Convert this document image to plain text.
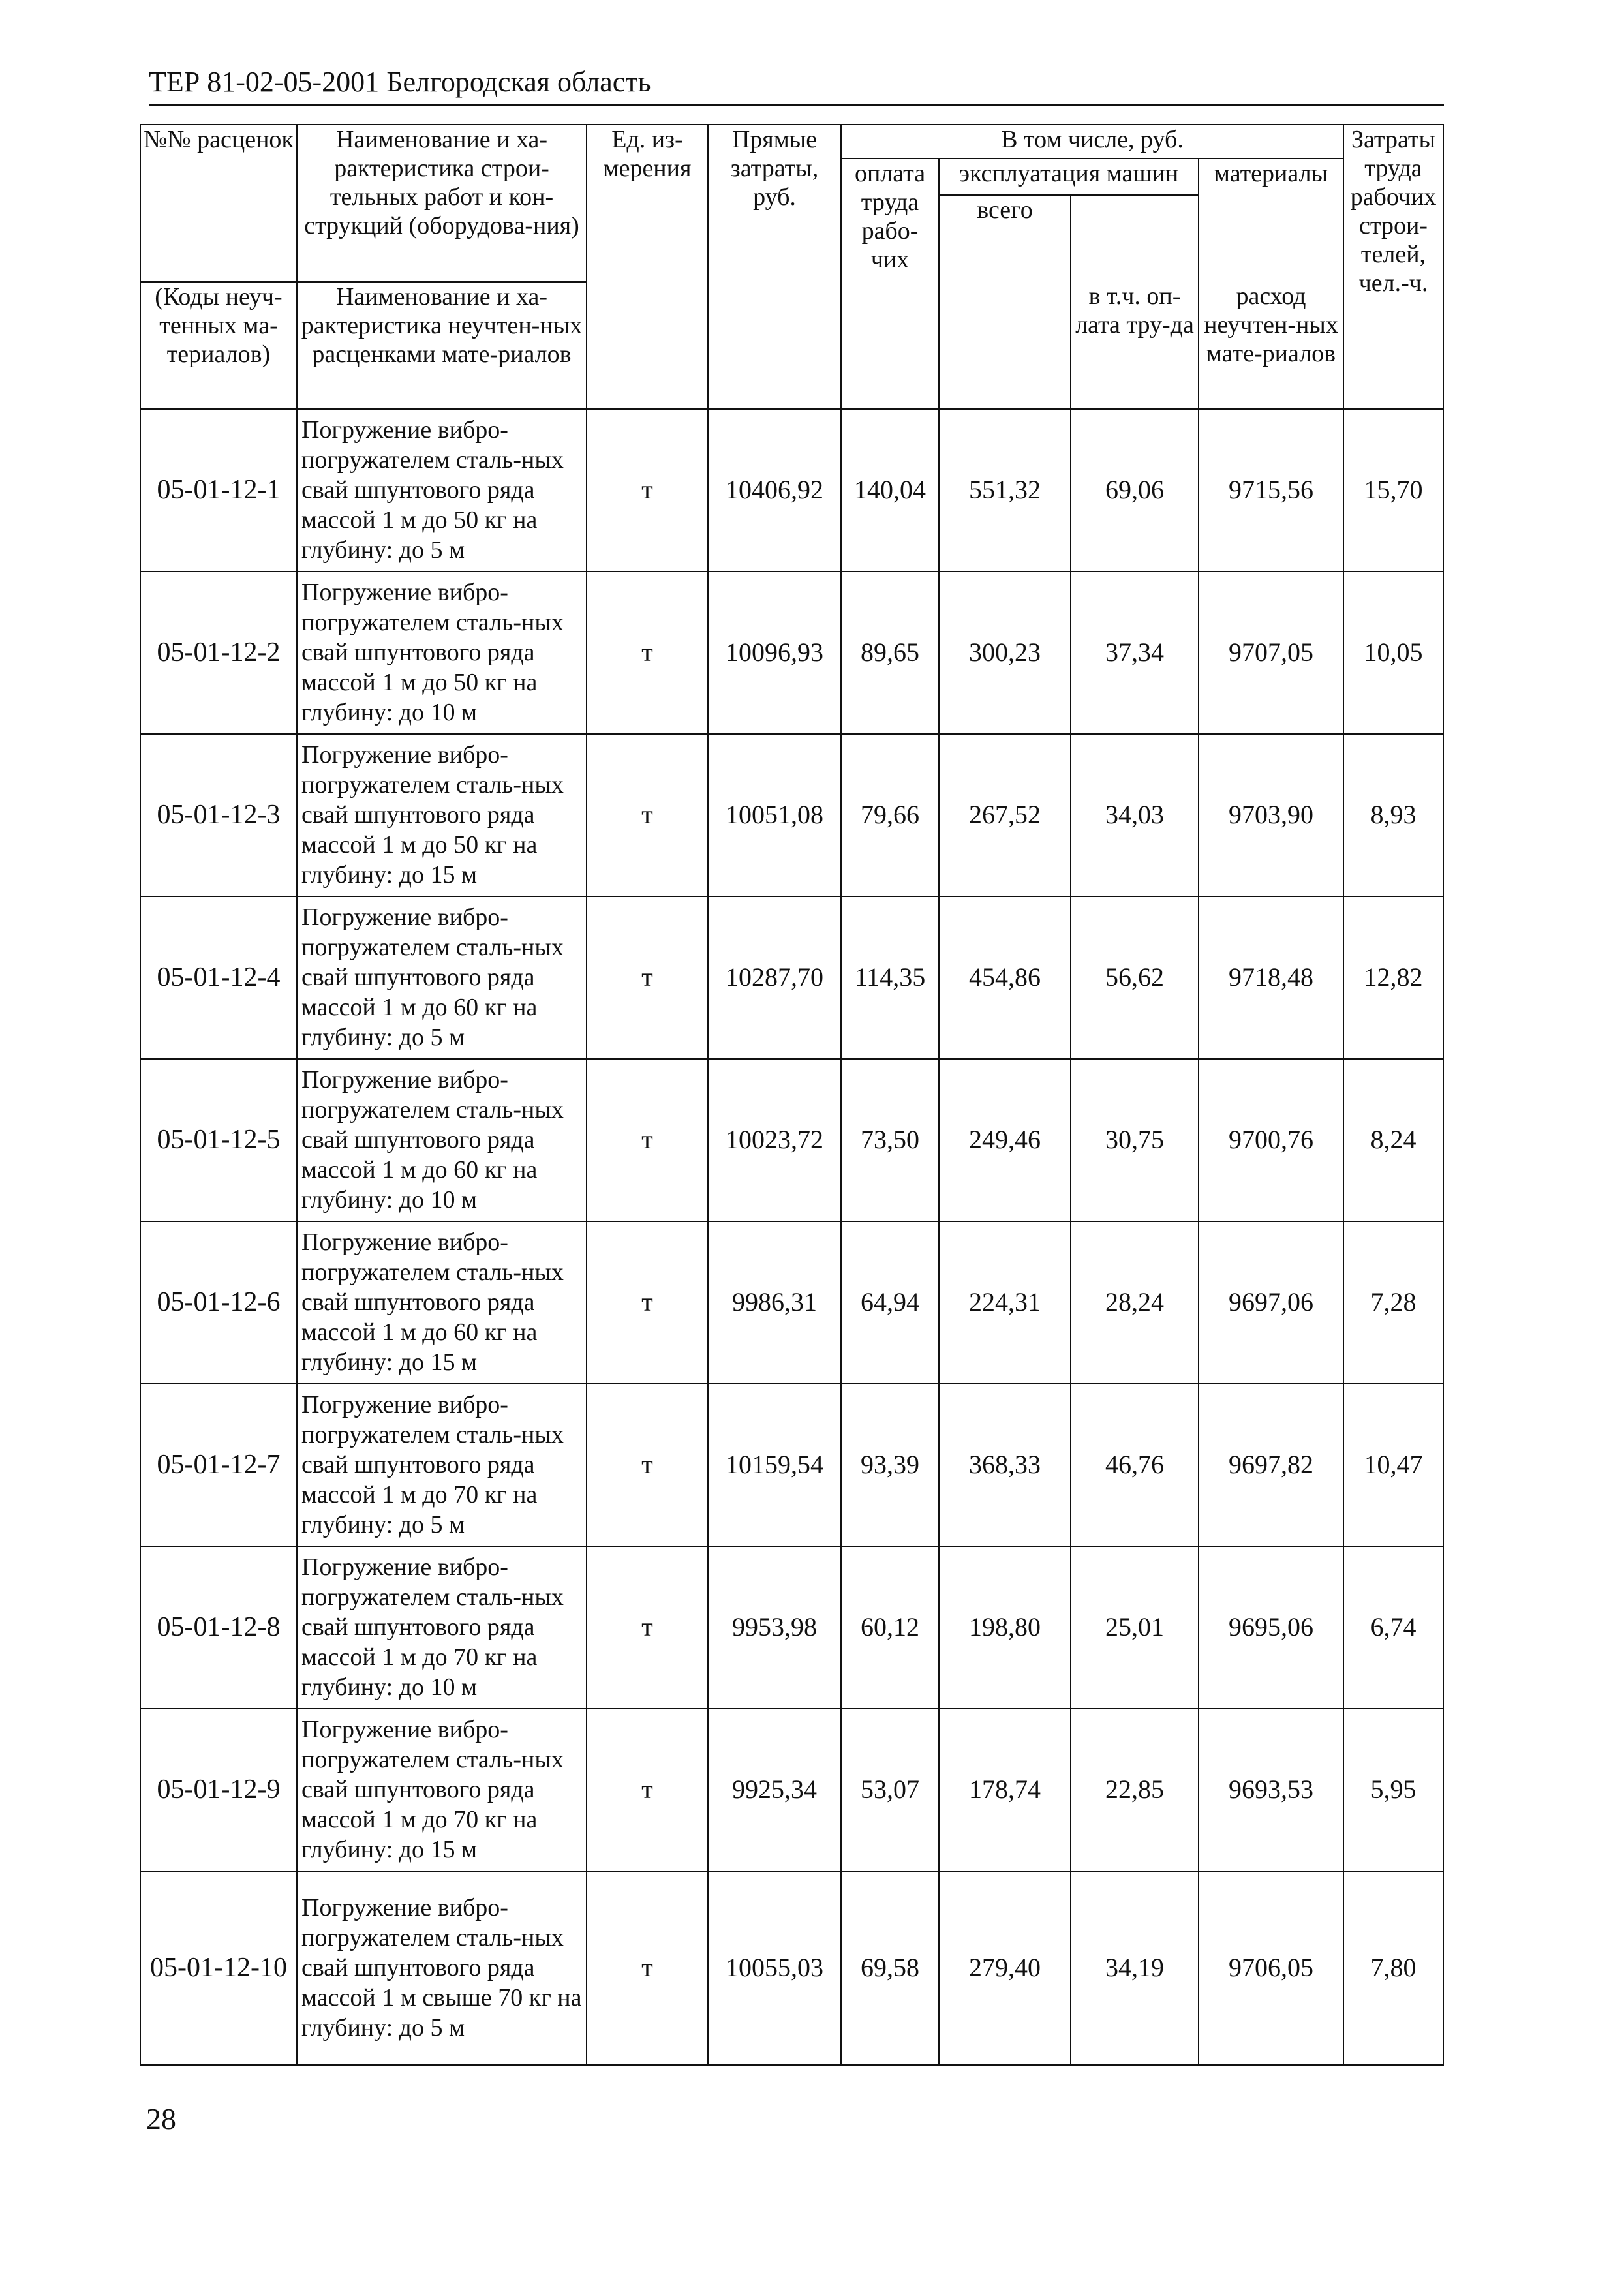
ТЕР 81-02-05-2001 Белгородская область
№№ расценок	Наименование и ха-рактеристика строи-тельных работ и кон-струкций (оборудова-ния)	Ед. из-мерения	Прямые затраты, руб.	В том числе, руб.				Затраты труда рабочих строи-телей, чел.-ч.
				оплата труда рабо-чих	эксплуатация машин		материалы	
					всего			
(Коды неуч-тенных ма-териалов)	Наименование и ха-рактеристика неучтен-ных расценками мате-риалов					в т.ч. оп-лата тру-да	расход неучтен-ных мате-риалов	

05-01-12-1	Погружение вибро-погружателем сталь-ных свай шпунтового ряда массой 1 м до 50 кг на глубину: до 5 м	т	10406,92	140,04	551,32	69,06	9715,56	15,70
05-01-12-2	Погружение вибро-погружателем сталь-ных свай шпунтового ряда массой 1 м до 50 кг на глубину: до 10 м	т	10096,93	89,65	300,23	37,34	9707,05	10,05
05-01-12-3	Погружение вибро-погружателем сталь-ных свай шпунтового ряда массой 1 м до 50 кг на глубину: до 15 м	т	10051,08	79,66	267,52	34,03	9703,90	8,93
05-01-12-4	Погружение вибро-погружателем сталь-ных свай шпунтового ряда массой 1 м до 60 кг на глубину: до 5 м	т	10287,70	114,35	454,86	56,62	9718,48	12,82
05-01-12-5	Погружение вибро-погружателем сталь-ных свай шпунтового ряда массой 1 м до 60 кг на глубину: до 10 м	т	10023,72	73,50	249,46	30,75	9700,76	8,24
05-01-12-6	Погружение вибро-погружателем сталь-ных свай шпунтового ряда массой 1 м до 60 кг на глубину: до 15 м	т	9986,31	64,94	224,31	28,24	9697,06	7,28
05-01-12-7	Погружение вибро-погружателем сталь-ных свай шпунтового ряда массой 1 м до 70 кг на глубину: до 5 м	т	10159,54	93,39	368,33	46,76	9697,82	10,47
05-01-12-8	Погружение вибро-погружателем сталь-ных свай шпунтового ряда массой 1 м до 70 кг на глубину: до 10 м	т	9953,98	60,12	198,80	25,01	9695,06	6,74
05-01-12-9	Погружение вибро-погружателем сталь-ных свай шпунтового ряда массой 1 м до 70 кг на глубину: до 15 м	т	9925,34	53,07	178,74	22,85	9693,53	5,95
05-01-12-10	Погружение вибро-погружателем сталь-ных свай шпунтового ряда массой 1 м свыше 70 кг на глубину: до 5 м	т	10055,03	69,58	279,40	34,19	9706,05	7,80
28
